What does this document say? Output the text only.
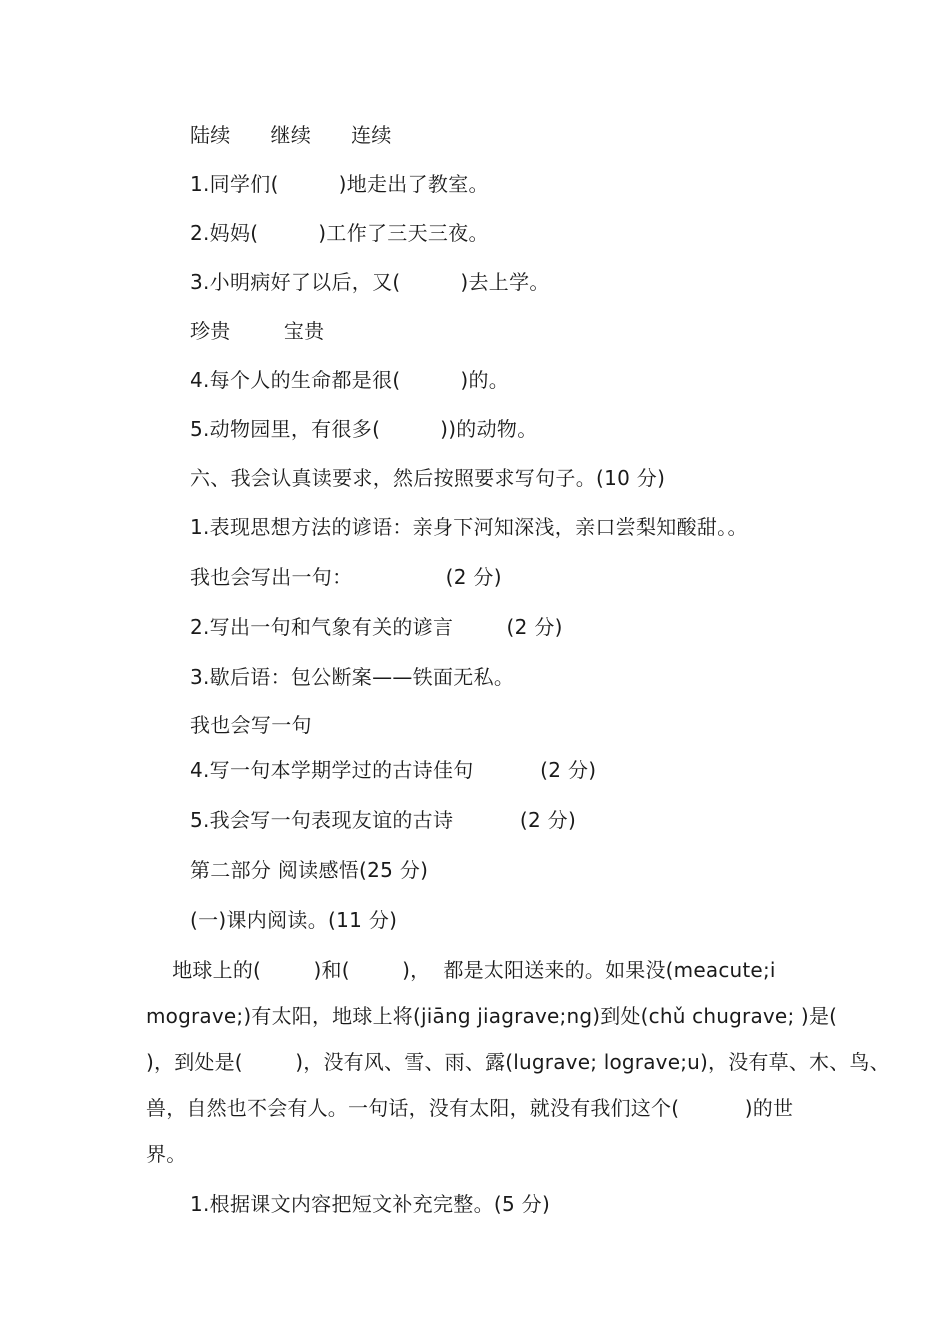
陆续      继续      连续
1.同学们(         )地走出了教室。
2.妈妈(         )工作了三天三夜。
3.小明病好了以后，又(         )去上学。
珍贵        宝贵
4.每个人的生命都是很(         )的。
5.动物园里，有很多(         ))的动物。
六、我会认真读要求，然后按照要求写句子。(10 分)
1.表现思想方法的谚语：亲身下河知深浅，亲口尝梨知酸甜。。
我也会写出一句：              (2 分)
2.写出一句和气象有关的谚言        (2 分)
3.歇后语：包公断案——铁面无私。
我也会写一句
4.写一句本学期学过的古诗佳句          (2 分)
5.我会写一句表现友谊的古诗          (2 分)
第二部分 阅读感悟(25 分)
(一)课内阅读。(11 分)
地球上的(        )和(        )，  都是太阳送来的。如果没(meacute;i
mograve;)有太阳，地球上将(jiāng jiagrave;ng)到处(chǔ chugrave; )是(
)，到处是(        )，没有风、雪、雨、露(lugrave; lograve;u)，没有草、木、鸟、
兽，自然也不会有人。一句话，没有太阳，就没有我们这个(          )的世
界。
1.根据课文内容把短文补充完整。(5 分)
